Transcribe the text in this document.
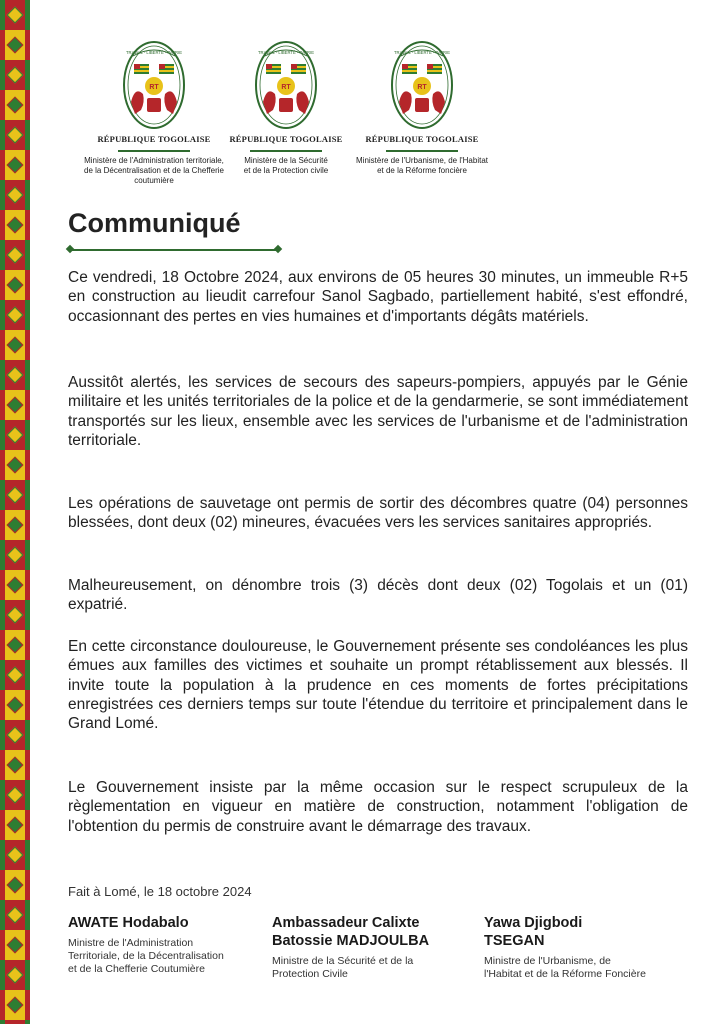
TRAVAIL - LIBERTÉ - PATRIE
RT
RÉPUBLIQUE TOGOLAISE
Ministère de l'Administration territoriale,
de la Décentralisation et de la Chefferie
coutumière
TRAVAIL - LIBERTÉ - PATRIE
RT
RÉPUBLIQUE TOGOLAISE
Ministère de la Sécurité
et de la Protection civile
TRAVAIL - LIBERTÉ - PATRIE
RT
RÉPUBLIQUE TOGOLAISE
Ministère de l'Urbanisme, de l'Habitat
et de la Réforme foncière
Communiqué

Ce vendredi, 18 Octobre 2024, aux environs de 05 heures 30 minutes, un immeuble R+5 en construction au lieudit carrefour Sanol Sagbado, partiellement habité, s'est effondré, occasionnant des pertes en vies humaines et d'importants dégâts matériels.

Aussitôt alertés, les services de secours des sapeurs-pompiers, appuyés par le Génie militaire et les unités territoriales de la police et de la gendarmerie, se sont immédiatement transportés sur les lieux, ensemble avec les services de l'urbanisme et de l'administration territoriale.

Les opérations de sauvetage ont permis de sortir des décombres quatre (04) personnes blessées, dont deux (02) mineures, évacuées vers les services sanitaires appropriés.

Malheureusement, on dénombre trois (3) décès dont deux (02) Togolais et un (01) expatrié.

En cette circonstance douloureuse, le Gouvernement présente ses condoléances les plus émues aux familles des victimes et souhaite un prompt rétablissement aux blessés. Il invite toute la population à la prudence en ces moments de fortes précipitations enregistrées ces derniers temps sur toute l'étendue du territoire et principalement dans le Grand Lomé.

Le Gouvernement insiste par la même occasion sur le respect scrupuleux de la règlementation en vigueur en matière de construction, notamment l'obligation de l'obtention du permis de construire avant le démarrage des travaux.

Fait à Lomé, le 18 octobre 2024
AWATE Hodabalo
Ministre de l'Administration
Territoriale, de la Décentralisation
et de la Chefferie Coutumière
Ambassadeur Calixte
Batossie MADJOULBA
Ministre de la Sécurité et de la
Protection Civile
Yawa Djigbodi
TSEGAN
Ministre de l'Urbanisme, de
l'Habitat et de la Réforme Foncière
